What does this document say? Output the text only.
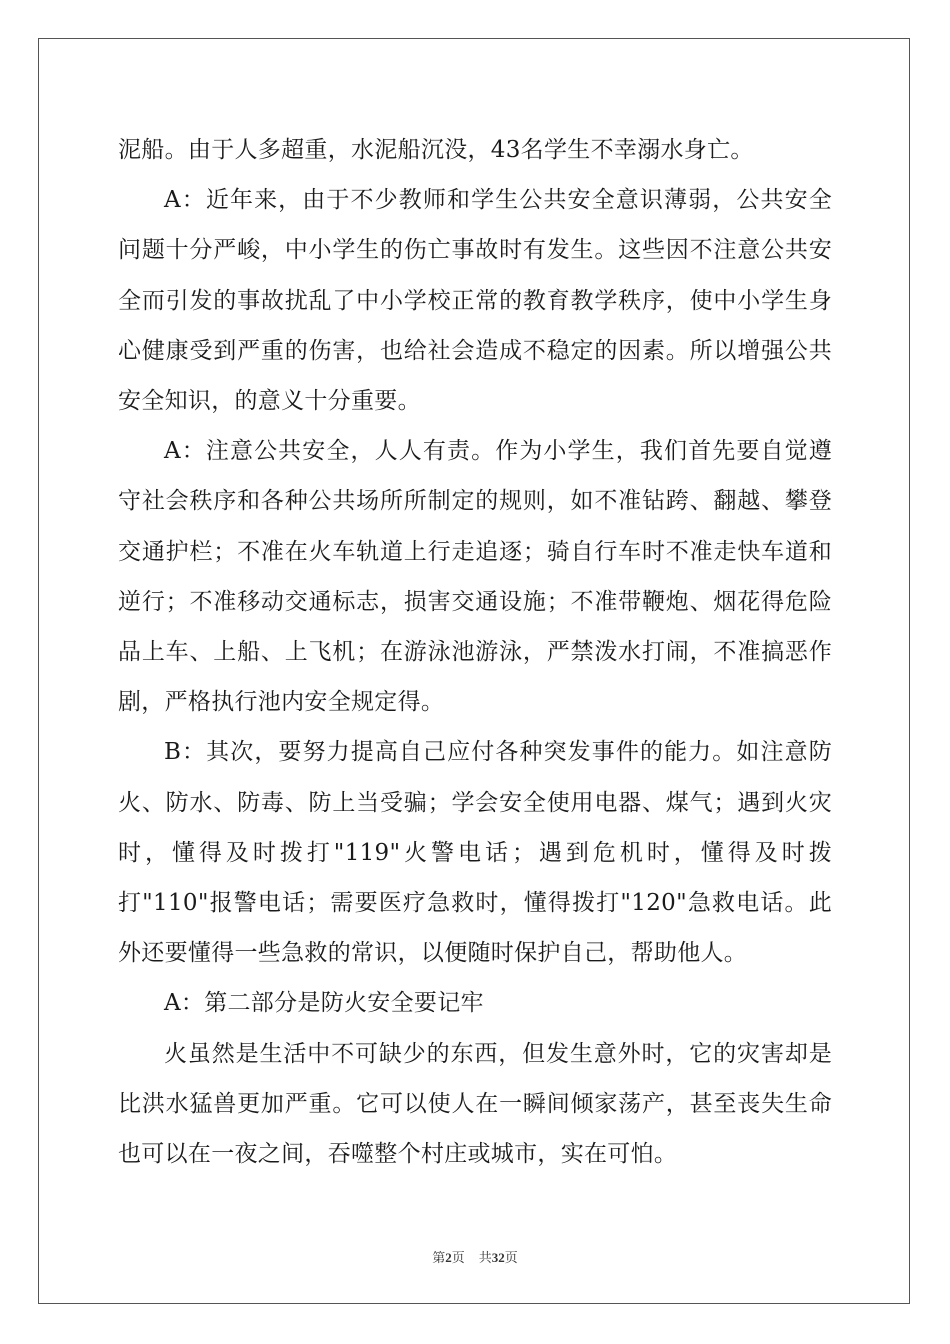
泥船。由于人多超重，水泥船沉没，43名学生不幸溺水身亡。

A：近年来，由于不少教师和学生公共安全意识薄弱，公共安全问题十分严峻，中小学生的伤亡事故时有发生。这些因不注意公共安全而引发的事故扰乱了中小学校正常的教育教学秩序，使中小学生身心健康受到严重的伤害，也给社会造成不稳定的因素。所以增强公共安全知识，的意义十分重要。

A：注意公共安全，人人有责。作为小学生，我们首先要自觉遵守社会秩序和各种公共场所所制定的规则，如不准钻跨、翻越、攀登交通护栏；不准在火车轨道上行走追逐；骑自行车时不准走快车道和逆行；不准移动交通标志，损害交通设施；不准带鞭炮、烟花得危险品上车、上船、上飞机；在游泳池游泳，严禁泼水打闹，不准搞恶作剧，严格执行池内安全规定得。

B：其次，要努力提高自己应付各种突发事件的能力。如注意防火、防水、防毒、防上当受骗；学会安全使用电器、煤气；遇到火灾时，懂得及时拨打"119"火警电话；遇到危机时，懂得及时拨打"110"报警电话；需要医疗急救时，懂得拨打"120"急救电话。此外还要懂得一些急救的常识，以便随时保护自己，帮助他人。

A：第二部分是防火安全要记牢

火虽然是生活中不可缺少的东西，但发生意外时，它的灾害却是比洪水猛兽更加严重。它可以使人在一瞬间倾家荡产，甚至丧失生命也可以在一夜之间，吞噬整个村庄或城市，实在可怕。

第2页 共32页
